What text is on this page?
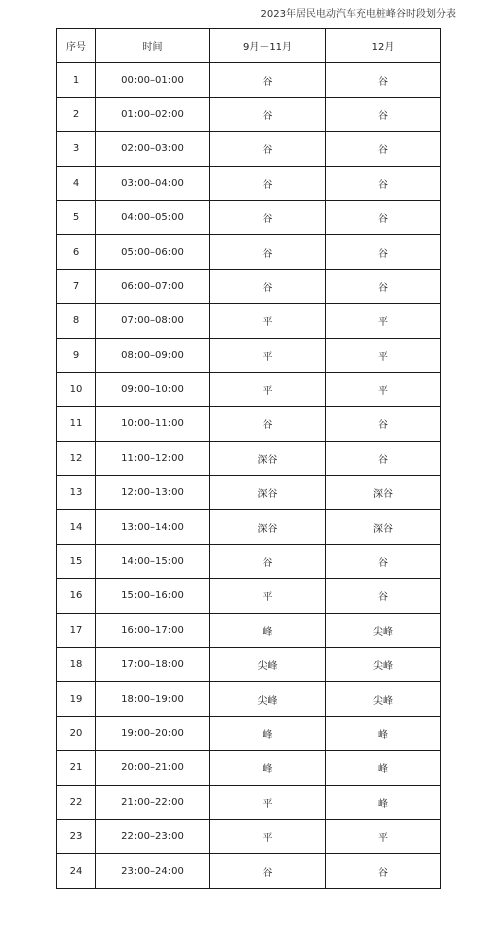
2023年居民电动汽车充电桩峰谷时段划分表
序号	时间	9月－11月	12月
1	00:00–01:00	谷	谷
2	01:00–02:00	谷	谷
3	02:00–03:00	谷	谷
4	03:00–04:00	谷	谷
5	04:00–05:00	谷	谷
6	05:00–06:00	谷	谷
7	06:00–07:00	谷	谷
8	07:00–08:00	平	平
9	08:00–09:00	平	平
10	09:00–10:00	平	平
11	10:00–11:00	谷	谷
12	11:00–12:00	深谷	谷
13	12:00–13:00	深谷	深谷
14	13:00–14:00	深谷	深谷
15	14:00–15:00	谷	谷
16	15:00–16:00	平	谷
17	16:00–17:00	峰	尖峰
18	17:00–18:00	尖峰	尖峰
19	18:00–19:00	尖峰	尖峰
20	19:00–20:00	峰	峰
21	20:00–21:00	峰	峰
22	21:00–22:00	平	峰
23	22:00–23:00	平	平
24	23:00–24:00	谷	谷
